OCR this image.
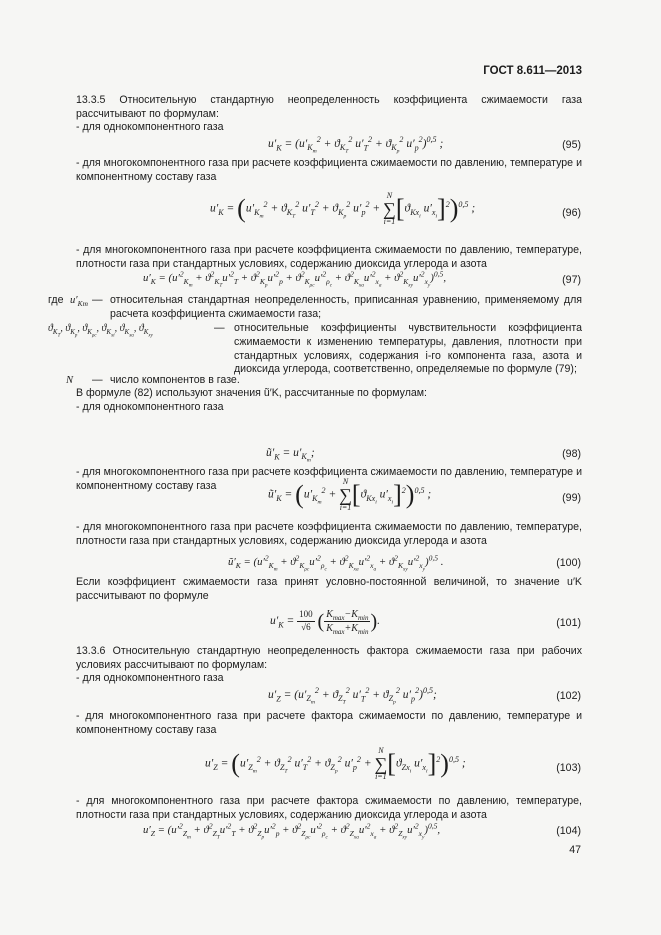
ГОСТ 8.611—2013
13.3.5 Относительную стандартную неопределенность коэффициента сжимаемости газа рассчитывают по формулам:
- для однокомпонентного газа
$u'_K = (u'_{K_т}^2 + ϑ_{K_T}^2$ $u'_T^2 + ϑ_{K_p}^2$ $u'_p^2)^{0,5}$ ;	(95)
- для многокомпонентного газа при расчете коэффициента сжимаемости по давлению, температуре и компонентному составу газа
$u'_K = (u'_{K_т}^2 + ϑ_{K_T}^2$ $u'_T^2 + ϑ_{K_p}^2$ $u'_p^2$ +
N
∑
i=1 [$ϑ_{Kx_i}$ $u'_{x_i}]^2)^{0,5}$ ;	(96)
- для многокомпонентного газа при расчете коэффициента сжимаемости по давлению, температуре, плотности газа при стандартных условиях, содержанию диоксида углерода и азота
$u'_K = (u'^2_{K_т} + ϑ^2_{K_T}u'^2_T + ϑ^2_{K_p}u'^2_p + ϑ^2_{K_{\rho c}}u'^2_{\rho_c} + ϑ^2_{K_{xa}}u'^2_{x_a} + ϑ^2_{K_{xy}}u'^2_{x_y})^{0,5}$,	(97)
где $u'_{Kт}$ — относительная стандартная неопределенность, приписанная уравнению, применяемому для расчета коэффициента сжимаемости газа;
$ϑ_{K_T}$, $ϑ_{K_p}$, $ϑ_{K_{\rho c}}$, $ϑ_{K_{xi}}$, $ϑ_{K_{xa}}$, $ϑ_{K_{xy}}$
— относительные коэффициенты чувствительности коэффициента сжимаемости к изменению температуры, давления, плотности при стандартных условиях, содержания i-го компонента газа, азота и диоксида углерода, соответственно, определяемые по формуле (79);
N — число компонентов в газе.
В формуле (82) используют значения ũ′K, рассчитанные по формулам:
- для однокомпонентного газа
$ũ'_K = u'_{K_т}$;	(98)
- для многокомпонентного газа при расчете коэффициента сжимаемости по давлению, температуре и компонентному составу газа
$ũ'_K = (u'_{K_т}^2$ +
N
∑
i=1 [$ϑ_{Kx_i}$ $u'_{x_i}]^2)^{0,5}$ ;	(99)
- для многокомпонентного газа при расчете коэффициента сжимаемости по давлению, температуре, плотности газа при стандартных условиях, содержанию диоксида углерода и азота
$ũ'_K = (u'^2_{K_т} + ϑ^2_{K_{\rho c}}u'^2_{\rho_c} + ϑ^2_{K_{xa}}u'^2_{x_a} + ϑ^2_{K_{xy}}u'^2_{x_y})^{0,5}$ .	(100)
Если коэффициент сжимаемости газа принят условно-постоянной величиной, то значение u′K рассчитывают по формуле
$u'_K = \frac{100}{√6}$ ( $\frac{K_{max}-K_{min}}{K_{max}+K_{min}}$ ).	(101)
13.3.6 Относительную стандартную неопределенность фактора сжимаемости газа при рабочих условиях рассчитывают по формулам:
- для однокомпонентного газа
$u'_Z = (u'_{Z_т}^2 + ϑ_{Z_T}^2$ $u'_T^2 + ϑ_{Z_p}^2$ $u'_p^2)^{0,5}$;	(102)
- для многокомпонентного газа при расчете фактора сжимаемости по давлению, температуре и компонентному составу газа
$u'_Z = (u'_{Z_т}^2 + ϑ_{Z_T}^2$ $u'_T^2 + ϑ_{Z_p}^2$ $u'_p^2$ +
N
∑
i=1 [$ϑ_{Zx_i}$ $u'_{x_i}]^2)^{0,5}$ ;	(103)
- для многокомпонентного газа при расчете фактора сжимаемости по давлению, температуре, плотности газа при стандартных условиях, содержанию диоксида углерода и азота
$u'_Z = (u'^2_{Z_т} + ϑ^2_{Z_T}u'^2_T + ϑ^2_{Z_p}u'^2_p + ϑ^2_{Z_{\rho c}}u'^2_{\rho_c} + ϑ^2_{Z_{xa}}u'^2_{x_a} + ϑ^2_{Z_{xy}}u'^2_{x_y})^{0,5}$,	(104)
47
